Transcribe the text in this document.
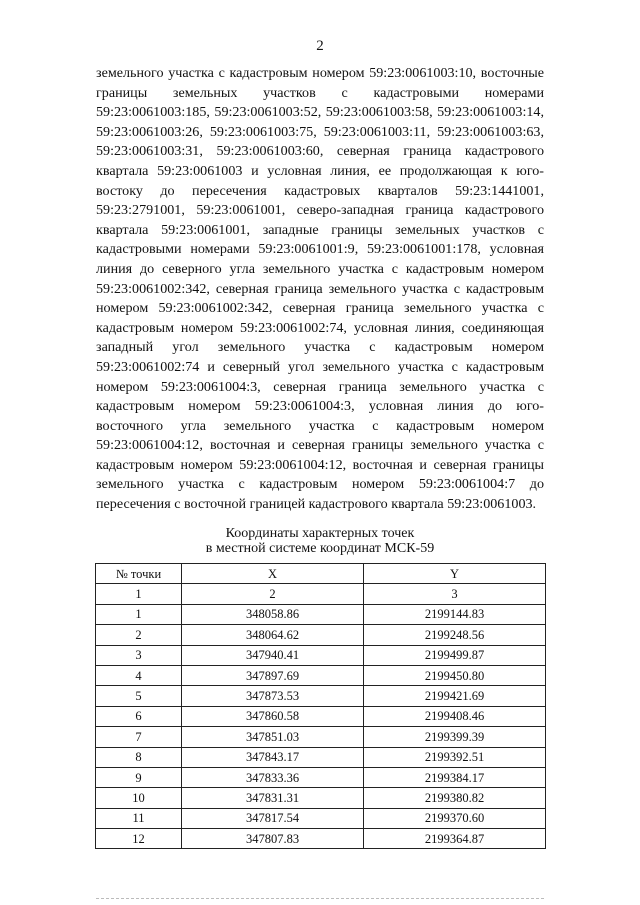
2

земельного участка с кадастровым номером 59:23:0061003:10, восточные границы земельных участков с кадастровыми номерами 59:23:0061003:185, 59:23:0061003:52, 59:23:0061003:58, 59:23:0061003:14, 59:23:0061003:26, 59:23:0061003:75, 59:23:0061003:11, 59:23:0061003:63, 59:23:0061003:31, 59:23:0061003:60, северная граница кадастрового квартала 59:23:0061003 и условная линия, ее продолжающая к юго-востоку до пересечения кадастровых кварталов 59:23:1441001, 59:23:2791001, 59:23:0061001, северо-западная граница кадастрового квартала 59:23:0061001, западные границы земельных участков с кадастровыми номерами 59:23:0061001:9, 59:23:0061001:178, условная линия до северного угла земельного участка с кадастровым номером 59:23:0061002:342, северная граница земельного участка с кадастровым номером 59:23:0061002:342, северная граница земельного участка с кадастровым номером 59:23:0061002:74, условная линия, соединяющая западный угол земельного участка с кадастровым номером 59:23:0061002:74 и северный угол земельного участка с кадастровым номером 59:23:0061004:3, северная граница земельного участка с кадастровым номером 59:23:0061004:3, условная линия до юго-восточного угла земельного участка с кадастровым номером 59:23:0061004:12, восточная и северная границы земельного участка с кадастровым номером 59:23:0061004:12, восточная и северная границы земельного участка с кадастровым номером 59:23:0061004:7 до пересечения с восточной границей кадастрового квартала 59:23:0061003.

Координаты характерных точек
в местной системе координат МСК-59
№ точки	X	Y
1	2	3
1	348058.86	2199144.83
2	348064.62	2199248.56
3	347940.41	2199499.87
4	347897.69	2199450.80
5	347873.53	2199421.69
6	347860.58	2199408.46
7	347851.03	2199399.39
8	347843.17	2199392.51
9	347833.36	2199384.17
10	347831.31	2199380.82
11	347817.54	2199370.60
12	347807.83	2199364.87
